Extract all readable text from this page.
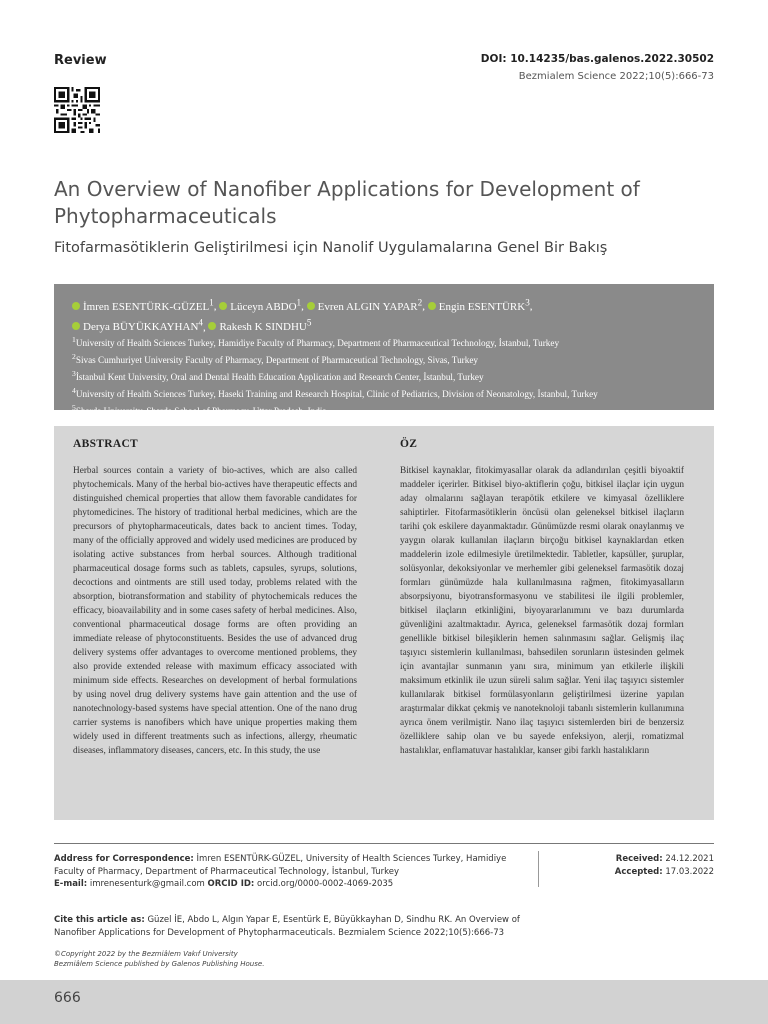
Review	DOI: 10.14235/bas.galenos.2022.30502
Bezmialem Science 2022;10(5):666-73
An Overview of Nanofiber Applications for Development of Phytopharmaceuticals
Fitofarmasötiklerin Geliştirilmesi için Nanolif Uygulamalarına Genel Bir Bakış
İmren ESENTÜRK-GÜZEL$^1$, Lüceyn ABDO$^1$, Evren ALGIN YAPAR$^2$, Engin ESENTÜRK$^3$,
Derya BÜYÜKKAYHAN$^4$, Rakesh K SINDHU$^5$
$^1$University of Health Sciences Turkey, Hamidiye Faculty of Pharmacy, Department of Pharmaceutical Technology, İstanbul, Turkey
$^2$Sivas Cumhuriyet University Faculty of Pharmacy, Department of Pharmaceutical Technology, Sivas, Turkey
$^3$İstanbul Kent University, Oral and Dental Health Education Application and Research Center, İstanbul, Turkey
$^4$University of Health Sciences Turkey, Haseki Training and Research Hospital, Clinic of Pediatrics, Division of Neonatology, İstanbul, Turkey
$^5$Sharda University, Sharda School of Pharmacy, Uttar Pradesh, India
ABSTRACT
Herbal sources contain a variety of bio-actives, which are also called phytochemicals. Many of the herbal bio-actives have therapeutic effects and distinguished chemical properties that allow them favorable candidates for phytomedicines. The history of traditional herbal medicines, which are the precursors of phytopharmaceuticals, dates back to ancient times. Today, many of the officially approved and widely used medicines are produced by isolating active substances from herbal sources. Although traditional pharmaceutical dosage forms such as tablets, capsules, syrups, solutions, decoctions and ointments are still used today, problems related with the absorption, biotransformation and stability of phytochemicals reduces the efficacy, bioavailability and in some cases safety of herbal medicines. Also, conventional pharmaceutical dosage forms are often providing an immediate release of phytoconstituents. Besides the use of advanced drug delivery systems offer advantages to overcome mentioned problems, they also provide extended release with maximum efficacy associated with minimum side effects. Researches on development of herbal formulations by using novel drug delivery systems have gain attention and the use of nanotechnology-based systems have special attention. One of the nano drug carrier systems is nanofibers which have unique properties making them widely used in different treatments such as infections, allergy, rheumatic diseases, inflammatory diseases, cancers, etc. In this study, the use
ÖZ
Bitkisel kaynaklar, fitokimyasallar olarak da adlandırılan çeşitli biyoaktif maddeler içerirler. Bitkisel biyo-aktiflerin çoğu, bitkisel ilaçlar için uygun aday olmalarını sağlayan terapötik etkilere ve kimyasal özelliklere sahiptirler. Fitofarmasötiklerin öncüsü olan geleneksel bitkisel ilaçların tarihi çok eskilere dayanmaktadır. Günümüzde resmi olarak onaylanmış ve yaygın olarak kullanılan ilaçların birçoğu bitkisel kaynaklardan etken maddelerin izole edilmesiyle üretilmektedir. Tabletler, kapsüller, şuruplar, solüsyonlar, dekoksiyonlar ve merhemler gibi geleneksel farmasötik dozaj formları günümüzde hala kullanılmasına rağmen, fitokimyasalların absorpsiyonu, biyotransformasyonu ve stabilitesi ile ilgili problemler, bitkisel ilaçların etkinliğini, biyoyararlanımını ve bazı durumlarda güvenliğini azaltmaktadır. Ayrıca, geleneksel farmasötik dozaj formları genellikle bitkisel bileşiklerin hemen salınmasını sağlar. Gelişmiş ilaç taşıyıcı sistemlerin kullanılması, bahsedilen sorunların üstesinden gelmek için avantajlar sunmanın yanı sıra, minimum yan etkilerle ilişkili maksimum etkinlik ile uzun süreli salım sağlar. Yeni ilaç taşıyıcı sistemler kullanılarak bitkisel formülasyonların geliştirilmesi üzerine yapılan araştırmalar dikkat çekmiş ve nanoteknoloji tabanlı sistemlerin kullanımına ayrıca önem verilmiştir. Nano ilaç taşıyıcı sistemlerden biri de benzersiz özelliklere sahip olan ve bu sayede enfeksiyon, alerji, romatizmal hastalıklar, enflamatuvar hastalıklar, kanser gibi farklı hastalıkların
Address for Correspondence: İmren ESENTÜRK-GÜZEL, University of Health Sciences Turkey, Hamidiye Faculty of Pharmacy, Department of Pharmaceutical Technology, İstanbul, Turkey
E-mail: imrenesenturk@gmail.com ORCID ID: orcid.org/0000-0002-4069-2035
Received: 24.12.2021
Accepted: 17.03.2022
Cite this article as: Güzel İE, Abdo L, Algın Yapar E, Esentürk E, Büyükkayhan D, Sindhu RK. An Overview of Nanofiber Applications for Development of Phytopharmaceuticals. Bezmialem Science 2022;10(5):666-73
©Copyright 2022 by the Bezmiâlem Vakıf University
Bezmiâlem Science published by Galenos Publishing House.
666
